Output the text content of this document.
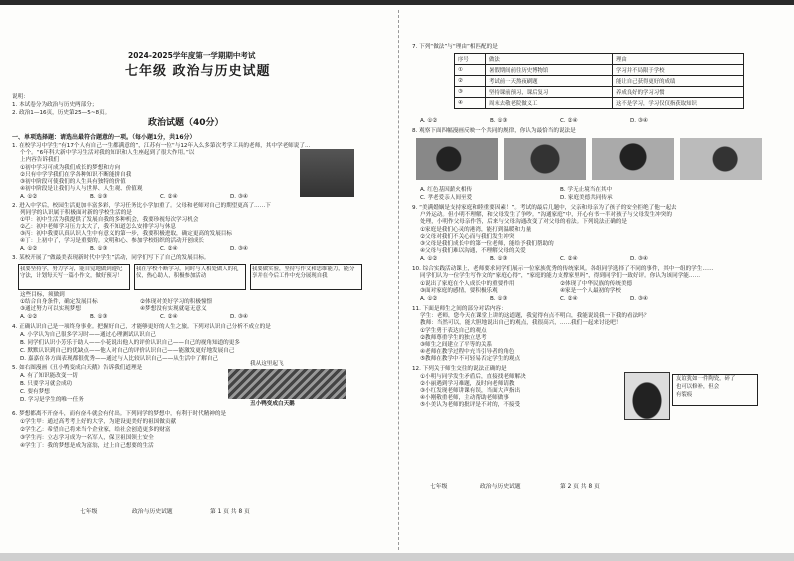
2024-2025学年度第一学期期中考试
七年级 政治与历史试题
说明：
1. 本试卷分为政治与历史两部分；
2. 政治1—16页，历史第25—5~8页。
政治试题（40分）
一、单项选择题：请选出最符合题意的一项。（每小题1分，共16分）
1. 在校学习中学生“有17个人有自己一生都满意的”，江苏有一位“与12年入么多第次考学工具的老师，其中学老师说了...
个个。“6年科大新中学习生活对我的知识和人生座起到了很大作用。”以
上内容告诉我们
①初中学习可成为我们成长的梦想和方向
②只有中学学我们在学各种知识不断能拼自我
③初中阶段可使我们的人生具有独特的价值
④初中阶段是让我们与人与世界、人生观、价值观
A. ①②	B. ①③	C. ②④	D. ③④
2. 进入中学后，校园生活更加丰富多彩，学习任务比小学加重了。父母和老师对自己的期望更高了……下
列同学的认识属于积极面对新的学校生活的是
①甲：初中生活为我提供了发展自我的多种机会，我要珍视每次学习机会
②乙：初中老师学习压力太大了，我不知道怎么安排学习与休息
③丙：初中我要认真认识人生中有意义的第一步，我要积极进取，确定更高的发展目标
④丁：上初中了，学习是重要的。文明和心、参加学校组织的活动开创成长
A. ①②	B. ①③	C. ②④	D. ③④
3. 某校开展了“做最美表现新时代中学生”活动，同学们写下了自己的发展目标。
我要坚持学，努力学习，能自觉地做到遵纪守法，计划每天写一篇小作文，做好预习！
我在学校不断学习，同时与人相处做人的礼仪，热心助人，积极参加活动
我要做实验，坚持写作文和思维能力，能分享并在今后工作中充分展现自我
这些目标，须做到
①结合自身条件，确定发展目标	②体现对美好学习的积极憧憬
③通过努力可以实现梦想	④梦想没有实现就毫无意义
A. ①②	B. ①③	C. ②④	D. ③④
4. 正确认识自己是一项终身事业。把握好自己，才能够更好的人生之旅。下列对认识自己分析不成立的是
A. 小学认为自己很多学习时——通过心理测试认识自己
B. 同学们认识小芳乐于助人——小花说出他人的评价认识自己——自己的视角知道的更多
C. 默默认识到自己的优缺点——他人对自己的评价认识自己——能激发更好地发展自己
D. 嘉嘉在各方面表现都很优秀——通过与人比较认识自己——从生活中了解自己
5. 如右图漫画《丑小鸭变成白天鹅》告诉我们道理是
A. 有了知识能改变一切
B. 只要学习就会成功
C. 要有梦想
D. 学习是学生的唯一任务
我从这里起飞
丑小鸭变成白天鹅
6. 梦想都离不开奋斗，而有奋斗就会有付出。下列同学的梦想中，有利于时代精神的是
①学生甲：通过高考考上好的大学，为建设更美好的祖国做贡献
②学生乙：希望自己将来当个企业家，给社会创造更多的财富
③学生丙：立志学习成为一名军人，保卫祖国领土安全
④学生丁：我的梦想是成为富翁，过上自己想要的生活
七年级	政治与历史试题	第 1 页 共 8 页
7. 下列“做法”与“理由”相匹配的是
序号	做法	理由
①	暑假期间前往历史博物馆	学习并不局限于学校
②	考试前一天熬夜刷题	能让自己获得更好的成绩
③	坚持课前预习，课后复习	养成良好的学习习惯
④	周末去敬老院做义工	这不是学习，学习仅仅指获取知识
A. ①②	B. ①③	C. ②④	D. ③④
8. 观察下面四幅漫画反映一个共同的规律，你认为最恰当的说法是
A. 红色基因薪火相传	B. 学无止境当在其中
C. 孝老爱亲人间至爱	D. 家庭美德共同传承
9. “美满婚姻是支持家庭和睦重要因素！”。考试的最后几题中，父亲和母亲为了孩子的安全拒绝了他一起去
户外运动。但小明不理解，和父母发生了争吵。“沟通家庭”中，开心有书一半对孩子与父母发生冲突的
处理，小明作父母亲作答，后来与父母沟通改变了对父母的看法。下列说法正确的是
①家庭是我们心灵的港湾，能打到温暖和力量
②父母对我们不关心而与我们发生冲突
③父母是我们成长中的第一位老师，能给予我们帮助的
④父母与我们难以沟通，不理解父母的关爱
A. ①②	B. ①③	C. ②④	D. ③④
10. 综合实践活动课上，老师要求同学们展示一位家族优秀的传统家风。各组同学选择了不同的事件，其中一组的学生……
同学们认为一位学生写作文的“家庭心得”，“家庭的能力支撑家里吗”，得到同学们一致好评。你认为该同学能……
①说出了家庭在个人成长中的重要作用	②体现了中华民族的传统美德
③面对家庭的感情，要积极乐观	④家是一个人最初的学校
A. ①②	B. ①③	C. ②④	D. ③④
11. 下面是师生之间的部分对话内容：
学生：老师，您今天在课堂上讲的这道题，我觉得有点不明白，我能说说我一下我的看法吗？
教师：当然可以，能大胆地说出自己的观点，我很高兴，……我们一起来讨论吧！
①学生勇于表达自己的观点
②教师尊重学生的独立思考
③师生之间建立了平等的关系
④老师在教学过程中充当引导者的角色
⑤教师在教学中不可轻易否定学生的观点
12. 下列关于师生交往的说法正确的是
①小明与同学发生矛盾后，直接找老师解决
②小丽遇到学习难题，及时向老师请教
③小红发现老师讲课有误，当面大声指出
④小刚敬重老师，主动帮助老师做事
⑤小美认为老师的批评是不对的，不接受
友谊犹如一件陶瓷，碎了
也可以修补，但会
有裂痕
七年级	政治与历史试题	第 2 页 共 8 页
